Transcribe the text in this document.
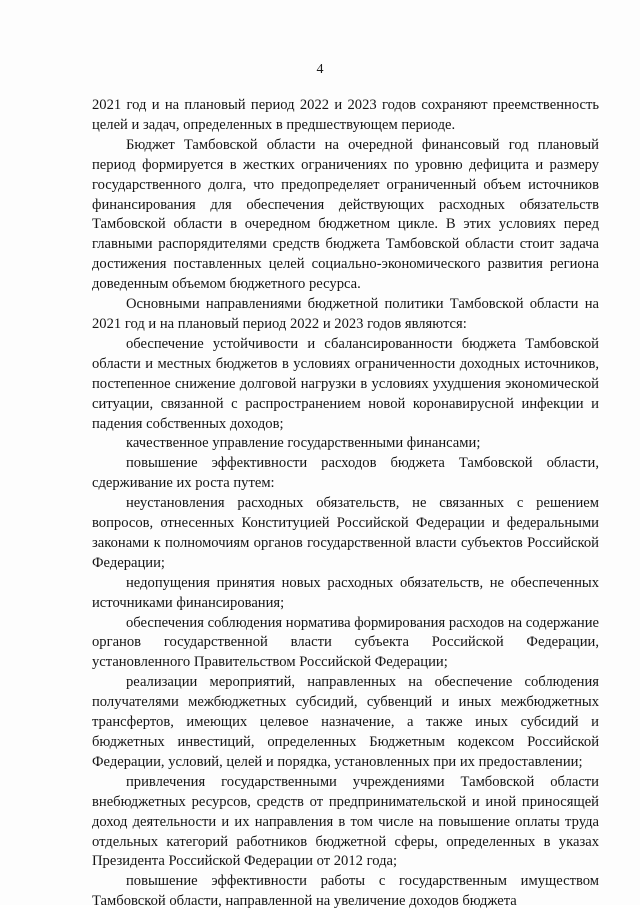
4

2021 год и на плановый период 2022 и 2023 годов сохраняют преемственность целей и задач, определенных в предшествующем периоде.

Бюджет Тамбовской области на очередной финансовый год плановый период формируется в жестких ограничениях по уровню дефицита и размеру государственного долга, что предопределяет ограниченный объем источников финансирования для обеспечения действующих расходных обязательств Тамбовской области в очередном бюджетном цикле. В этих условиях перед главными распорядителями средств бюджета Тамбовской области стоит задача достижения поставленных целей социально-экономического развития региона доведенным объемом бюджетного ресурса.

Основными направлениями бюджетной политики Тамбовской области на 2021 год и на плановый период 2022 и 2023 годов являются:

обеспечение устойчивости и сбалансированности бюджета Тамбовской области и местных бюджетов в условиях ограниченности доходных источников, постепенное снижение долговой нагрузки в условиях ухудшения экономической ситуации, связанной с распространением новой коронавирусной инфекции и падения собственных доходов;

качественное управление государственными финансами;

повышение эффективности расходов бюджета Тамбовской области, сдерживание их роста путем:

неустановления расходных обязательств, не связанных с решением вопросов, отнесенных Конституцией Российской Федерации и федеральными законами к полномочиям органов государственной власти субъектов Российской Федерации;

недопущения принятия новых расходных обязательств, не обеспеченных источниками финансирования;

обеспечения соблюдения норматива формирования расходов на содержание органов государственной власти субъекта Российской Федерации, установленного Правительством Российской Федерации;

реализации мероприятий, направленных на обеспечение соблюдения получателями межбюджетных субсидий, субвенций и иных межбюджетных трансфертов, имеющих целевое назначение, а также иных субсидий и бюджетных инвестиций, определенных Бюджетным кодексом Российской Федерации, условий, целей и порядка, установленных при их предоставлении;

привлечения государственными учреждениями Тамбовской области внебюджетных ресурсов, средств от предпринимательской и иной приносящей доход деятельности и их направления в том числе на повышение оплаты труда отдельных категорий работников бюджетной сферы, определенных в указах Президента Российской Федерации от 2012 года;

повышение эффективности работы с государственным имуществом Тамбовской области, направленной на увеличение доходов бюджета
